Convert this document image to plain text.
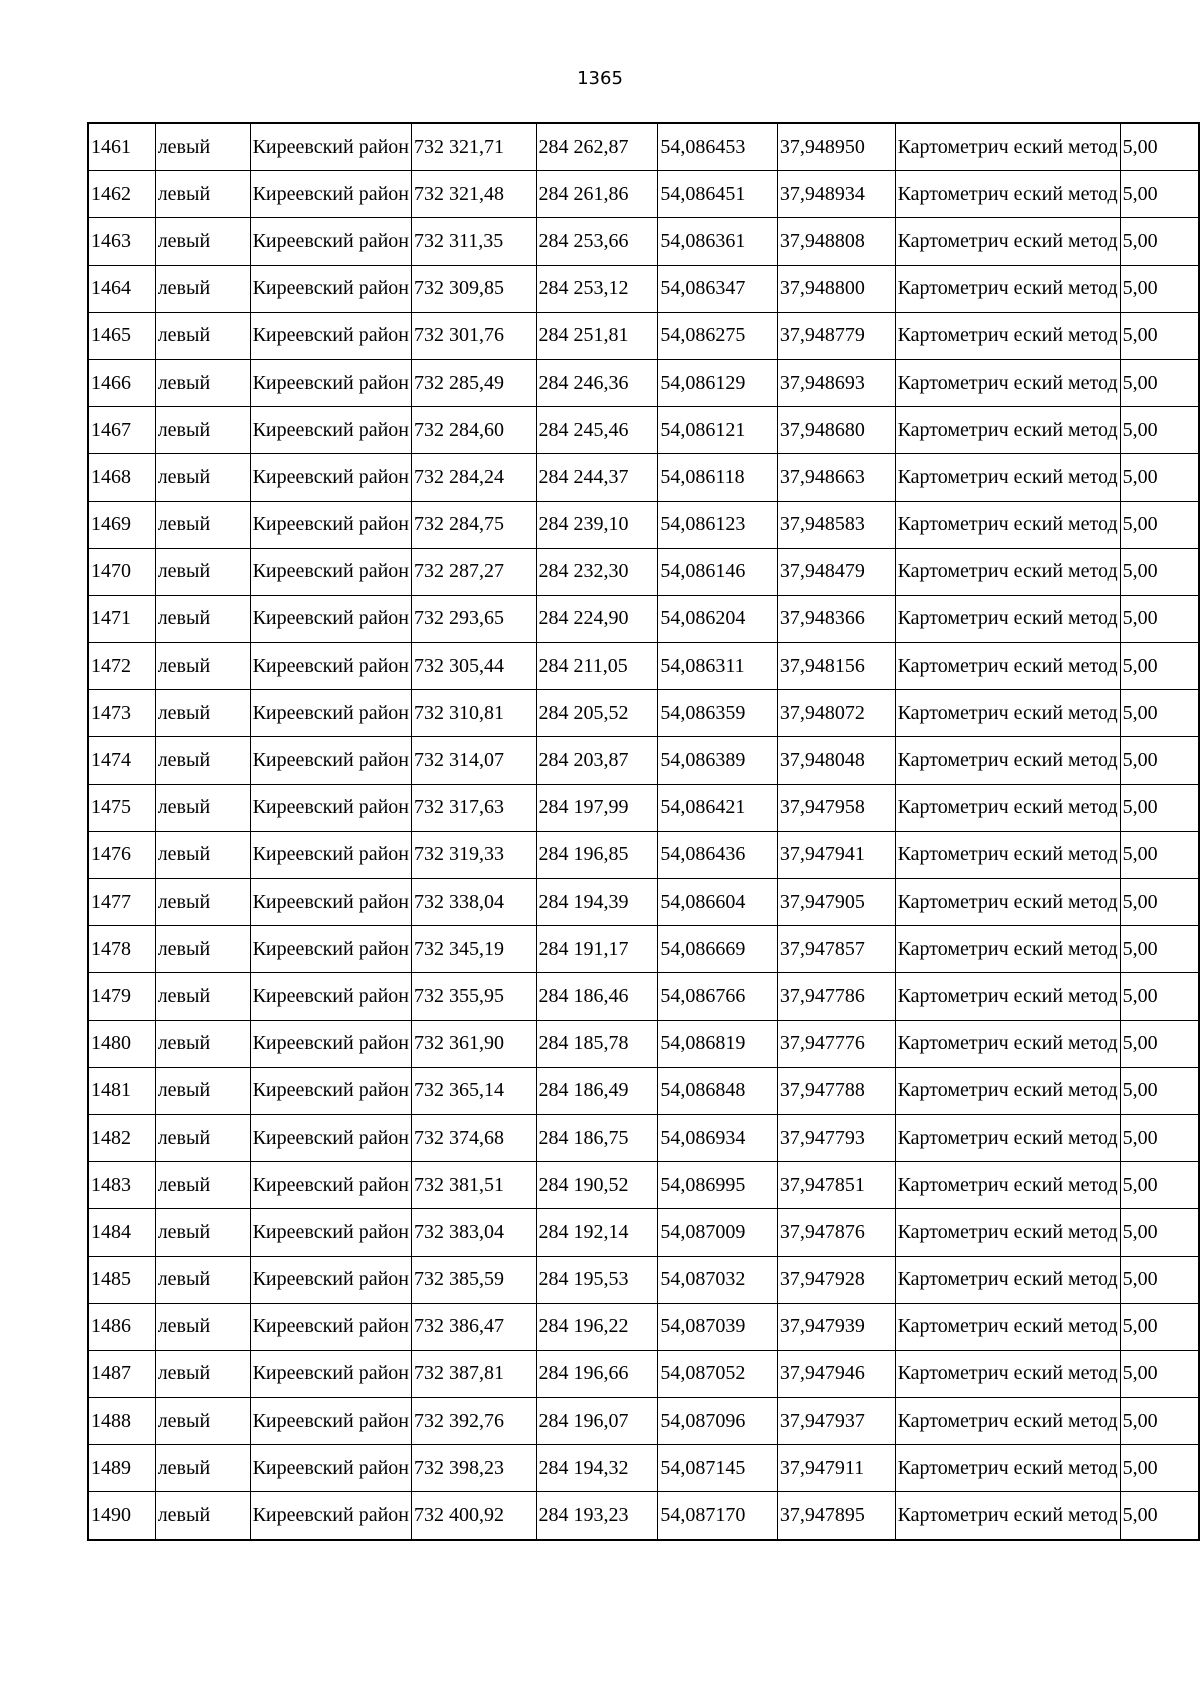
1365
1461	левый	Киреевский район	732 321,71	284 262,87	54,086453	37,948950	Картометрич еский метод	5,00
1462	левый	Киреевский район	732 321,48	284 261,86	54,086451	37,948934	Картометрич еский метод	5,00
1463	левый	Киреевский район	732 311,35	284 253,66	54,086361	37,948808	Картометрич еский метод	5,00
1464	левый	Киреевский район	732 309,85	284 253,12	54,086347	37,948800	Картометрич еский метод	5,00
1465	левый	Киреевский район	732 301,76	284 251,81	54,086275	37,948779	Картометрич еский метод	5,00
1466	левый	Киреевский район	732 285,49	284 246,36	54,086129	37,948693	Картометрич еский метод	5,00
1467	левый	Киреевский район	732 284,60	284 245,46	54,086121	37,948680	Картометрич еский метод	5,00
1468	левый	Киреевский район	732 284,24	284 244,37	54,086118	37,948663	Картометрич еский метод	5,00
1469	левый	Киреевский район	732 284,75	284 239,10	54,086123	37,948583	Картометрич еский метод	5,00
1470	левый	Киреевский район	732 287,27	284 232,30	54,086146	37,948479	Картометрич еский метод	5,00
1471	левый	Киреевский район	732 293,65	284 224,90	54,086204	37,948366	Картометрич еский метод	5,00
1472	левый	Киреевский район	732 305,44	284 211,05	54,086311	37,948156	Картометрич еский метод	5,00
1473	левый	Киреевский район	732 310,81	284 205,52	54,086359	37,948072	Картометрич еский метод	5,00
1474	левый	Киреевский район	732 314,07	284 203,87	54,086389	37,948048	Картометрич еский метод	5,00
1475	левый	Киреевский район	732 317,63	284 197,99	54,086421	37,947958	Картометрич еский метод	5,00
1476	левый	Киреевский район	732 319,33	284 196,85	54,086436	37,947941	Картометрич еский метод	5,00
1477	левый	Киреевский район	732 338,04	284 194,39	54,086604	37,947905	Картометрич еский метод	5,00
1478	левый	Киреевский район	732 345,19	284 191,17	54,086669	37,947857	Картометрич еский метод	5,00
1479	левый	Киреевский район	732 355,95	284 186,46	54,086766	37,947786	Картометрич еский метод	5,00
1480	левый	Киреевский район	732 361,90	284 185,78	54,086819	37,947776	Картометрич еский метод	5,00
1481	левый	Киреевский район	732 365,14	284 186,49	54,086848	37,947788	Картометрич еский метод	5,00
1482	левый	Киреевский район	732 374,68	284 186,75	54,086934	37,947793	Картометрич еский метод	5,00
1483	левый	Киреевский район	732 381,51	284 190,52	54,086995	37,947851	Картометрич еский метод	5,00
1484	левый	Киреевский район	732 383,04	284 192,14	54,087009	37,947876	Картометрич еский метод	5,00
1485	левый	Киреевский район	732 385,59	284 195,53	54,087032	37,947928	Картометрич еский метод	5,00
1486	левый	Киреевский район	732 386,47	284 196,22	54,087039	37,947939	Картометрич еский метод	5,00
1487	левый	Киреевский район	732 387,81	284 196,66	54,087052	37,947946	Картометрич еский метод	5,00
1488	левый	Киреевский район	732 392,76	284 196,07	54,087096	37,947937	Картометрич еский метод	5,00
1489	левый	Киреевский район	732 398,23	284 194,32	54,087145	37,947911	Картометрич еский метод	5,00
1490	левый	Киреевский район	732 400,92	284 193,23	54,087170	37,947895	Картометрич еский метод	5,00
